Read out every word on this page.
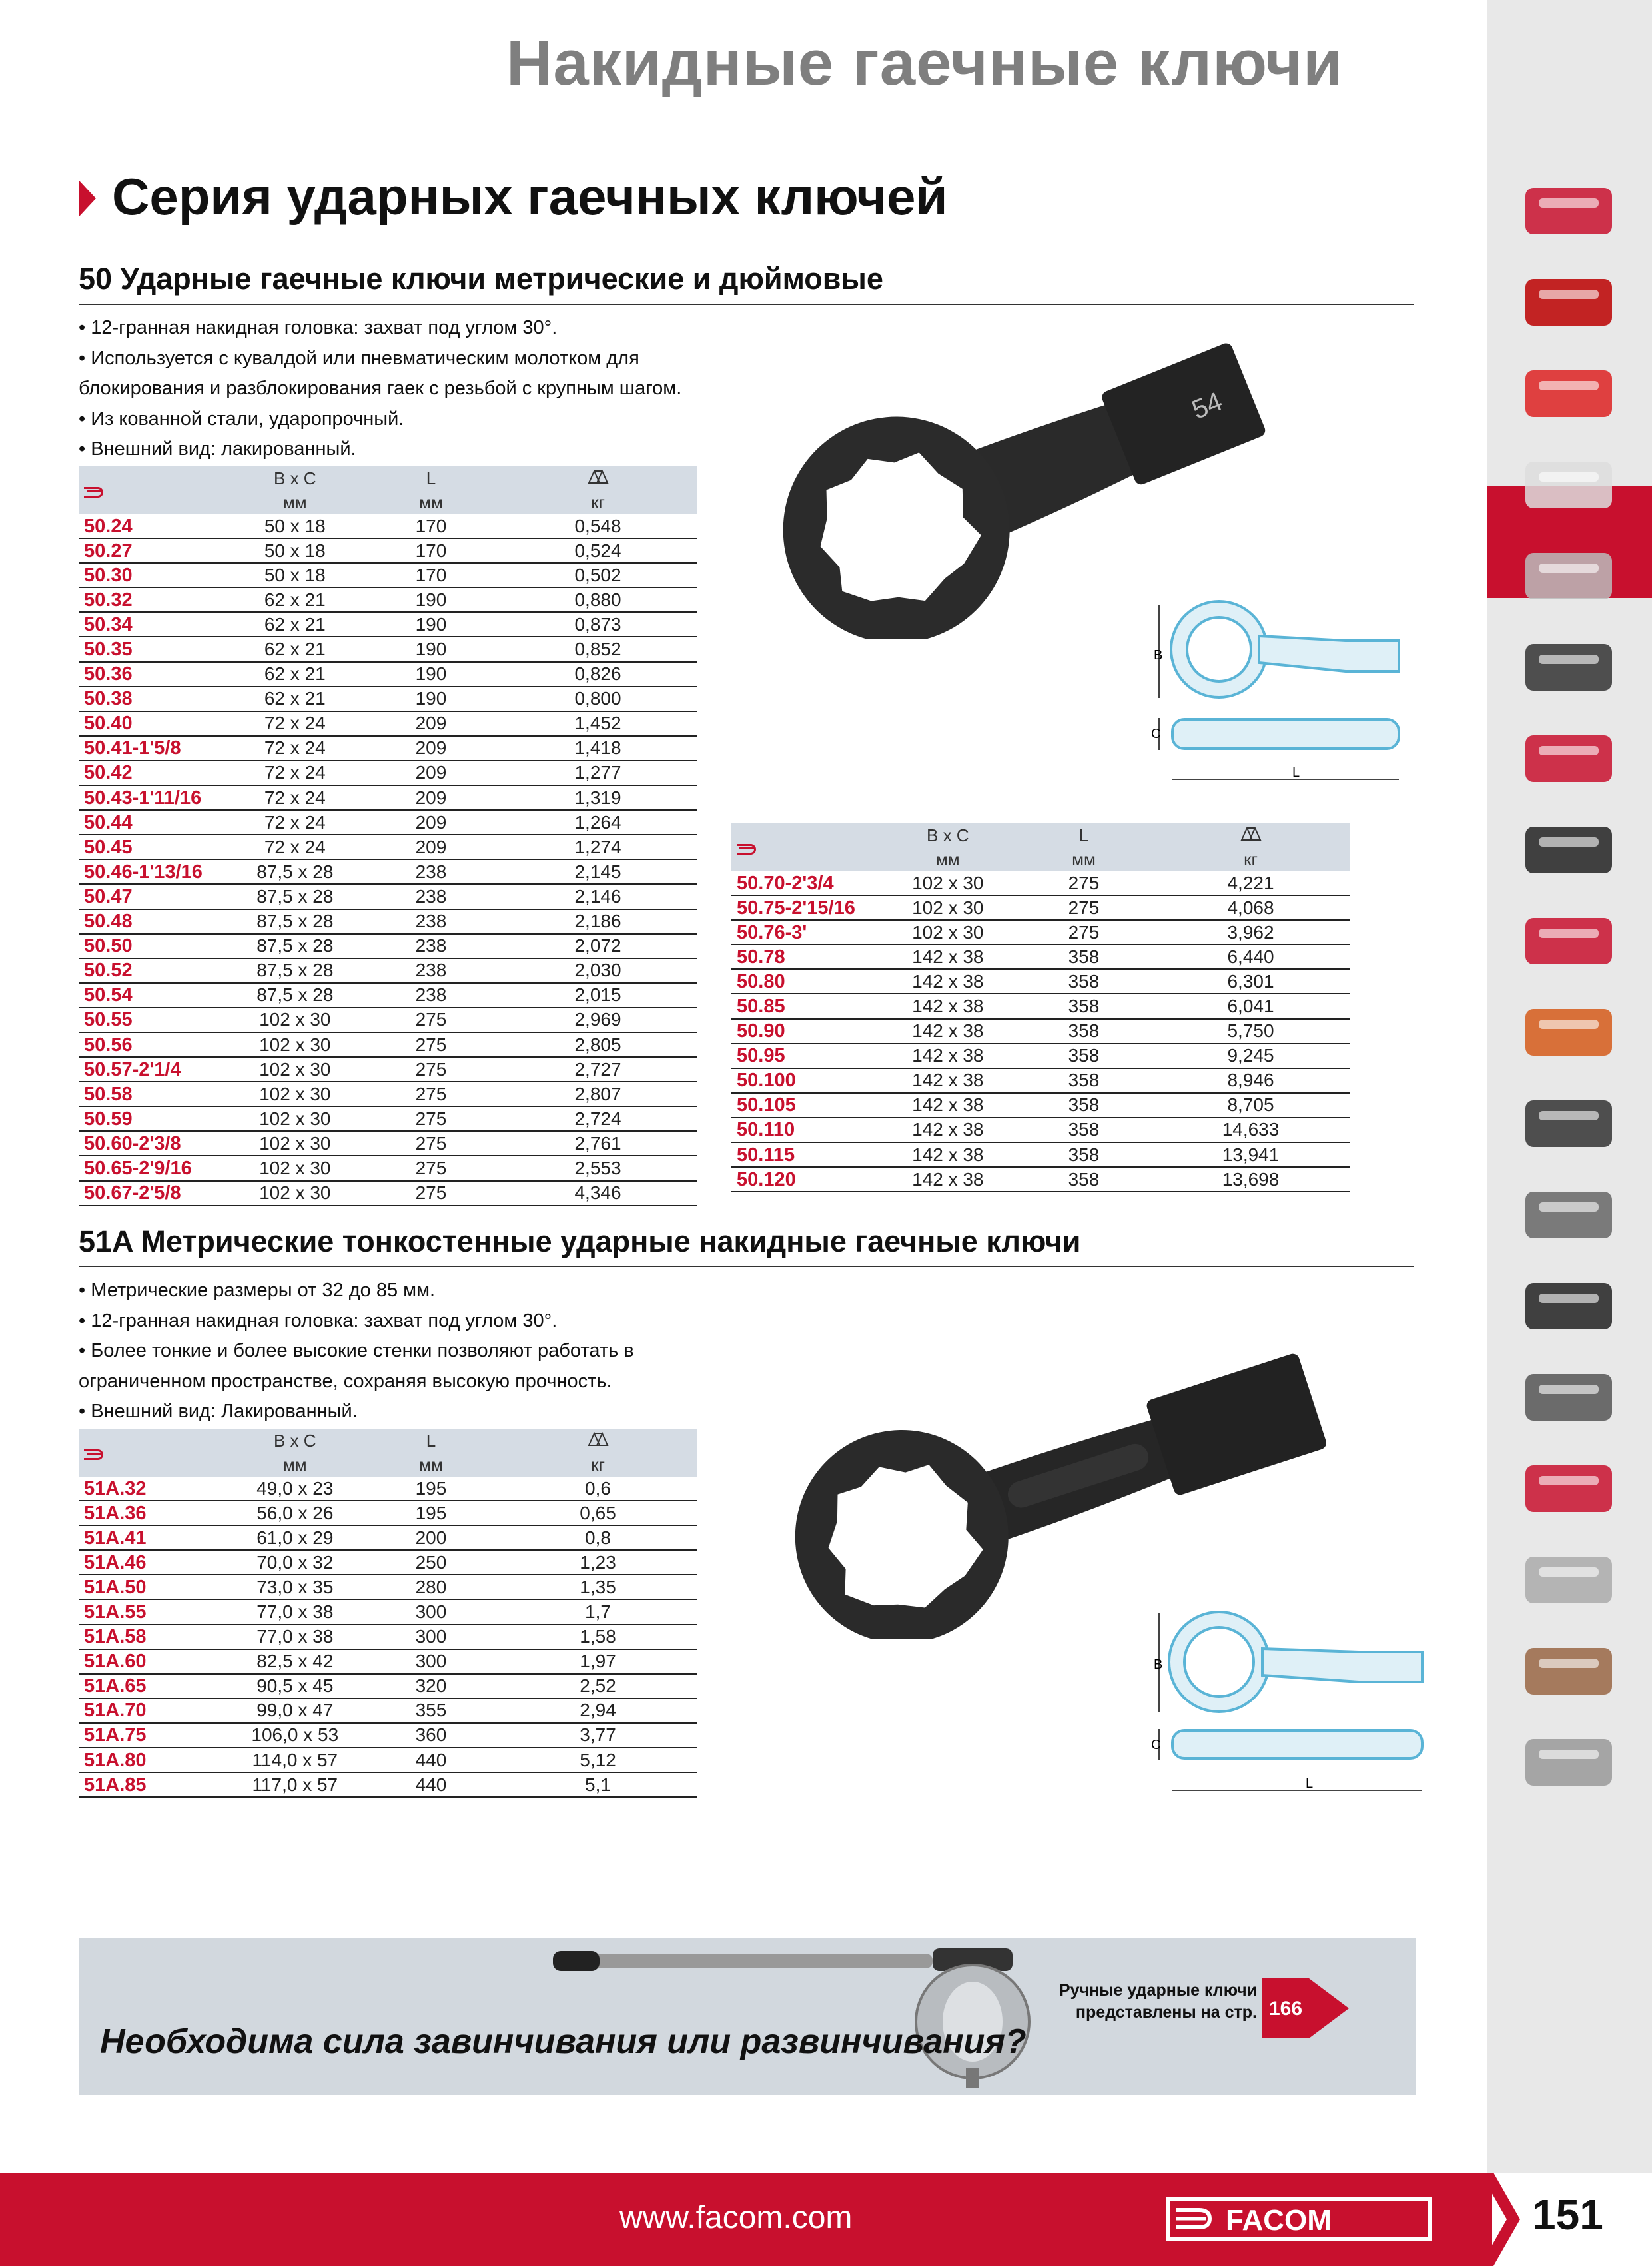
Накидные гаечные ключи
Серия ударных гаечных ключей
50 Ударные гаечные ключи метрические и дюймовые
• 12-гранная накидная головка: захват под углом 30°.
• Используется с кувалдой или пневматическим молотком для
блокирования и разблокирования гаек с резьбой с крупным шагом.
• Из кованной стали, ударопрочный.
• Внешний вид: лакированный.
	B x C	L	
	мм	мм	кг
50.24	50 x 18	170	0,548
50.27	50 x 18	170	0,524
50.30	50 x 18	170	0,502
50.32	62 x 21	190	0,880
50.34	62 x 21	190	0,873
50.35	62 x 21	190	0,852
50.36	62 x 21	190	0,826
50.38	62 x 21	190	0,800
50.40	72 x 24	209	1,452
50.41-1'5/8	72 x 24	209	1,418
50.42	72 x 24	209	1,277
50.43-1'11/16	72 x 24	209	1,319
50.44	72 x 24	209	1,264
50.45	72 x 24	209	1,274
50.46-1'13/16	87,5 x 28	238	2,145
50.47	87,5 x 28	238	2,146
50.48	87,5 x 28	238	2,186
50.50	87,5 x 28	238	2,072
50.52	87,5 x 28	238	2,030
50.54	87,5 x 28	238	2,015
50.55	102 x 30	275	2,969
50.56	102 x 30	275	2,805
50.57-2'1/4	102 x 30	275	2,727
50.58	102 x 30	275	2,807
50.59	102 x 30	275	2,724
50.60-2'3/8	102 x 30	275	2,761
50.65-2'9/16	102 x 30	275	2,553
50.67-2'5/8	102 x 30	275	4,346
	B x C	L	
	мм	мм	кг
50.70-2'3/4	102 x 30	275	4,221
50.75-2'15/16	102 x 30	275	4,068
50.76-3'	102 x 30	275	3,962
50.78	142 x 38	358	6,440
50.80	142 x 38	358	6,301
50.85	142 x 38	358	6,041
50.90	142 x 38	358	5,750
50.95	142 x 38	358	9,245
50.100	142 x 38	358	8,946
50.105	142 x 38	358	8,705
50.110	142 x 38	358	14,633
50.115	142 x 38	358	13,941
50.120	142 x 38	358	13,698
54
B
C
L
51A Метрические тонкостенные ударные накидные гаечные ключи
• Метрические размеры от 32 до 85 мм.
• 12-гранная накидная головка: захват под углом 30°.
• Более тонкие и более высокие стенки позволяют работать в
ограниченном пространстве, сохраняя высокую прочность.
• Внешний вид: Лакированный.
	B x C	L	
	мм	мм	кг
51A.32	49,0 x 23	195	0,6
51A.36	56,0 x 26	195	0,65
51A.41	61,0 x 29	200	0,8
51A.46	70,0 x 32	250	1,23
51A.50	73,0 x 35	280	1,35
51A.55	77,0 x 38	300	1,7
51A.58	77,0 x 38	300	1,58
51A.60	82,5 x 42	300	1,97
51A.65	90,5 x 45	320	2,52
51A.70	99,0 x 47	355	2,94
51A.75	106,0 x 53	360	3,77
51A.80	114,0 x 57	440	5,12
51A.85	117,0 x 57	440	5,1
B
C
L
Необходима сила завинчивания или развинчивания?
Ручные ударные ключи
представлены на стр. 166
www.facom.com	FACOM	151
